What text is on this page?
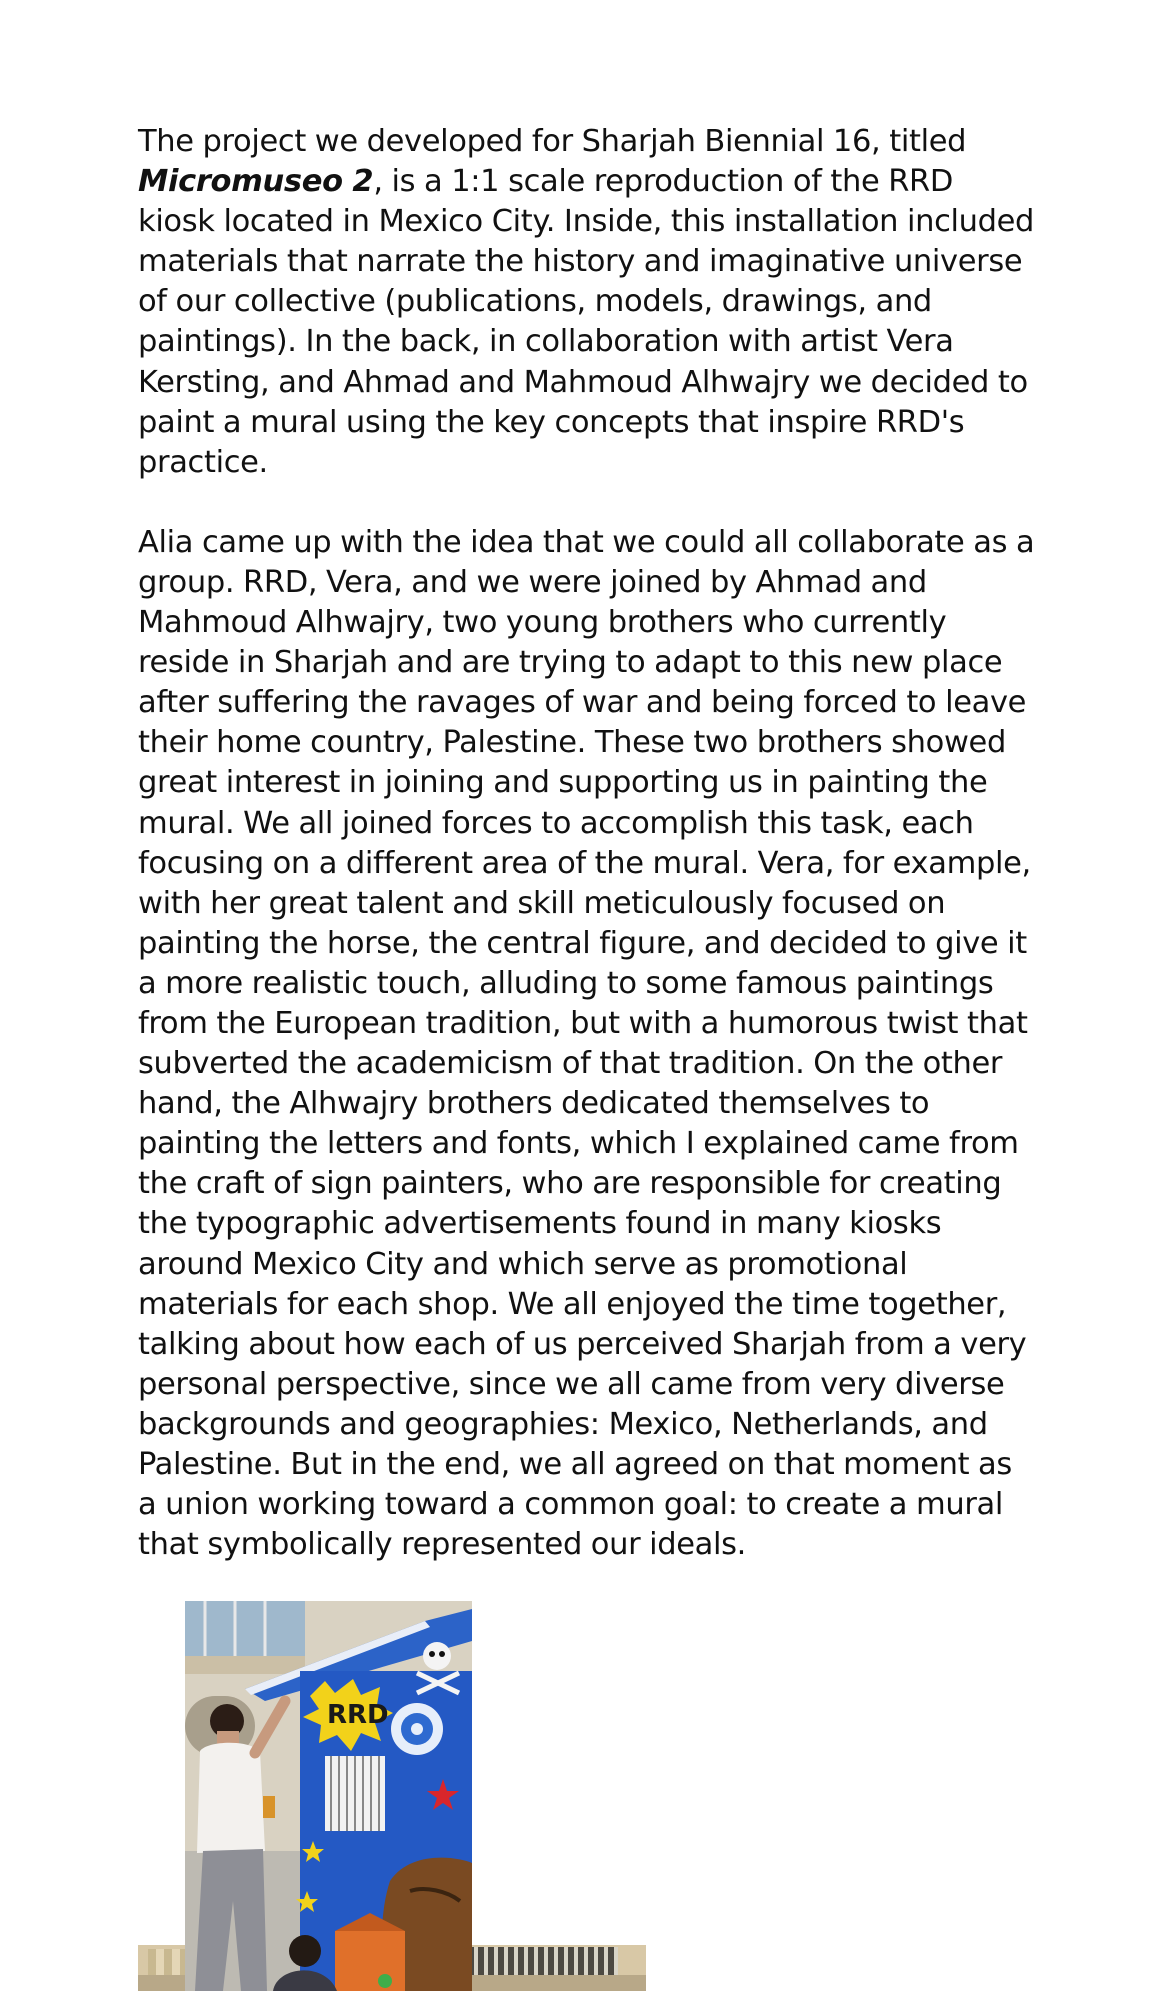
The project we developed for Sharjah Biennial 16, titled Micromuseo 2, is a 1:1 scale reproduction of the RRD kiosk located in Mexico City. Inside, this installation included materials that narrate the history and imaginative universe of our collective (publications, models, drawings, and paintings). In the back, in collaboration with artist Vera Kersting, and Ahmad and Mahmoud Alhwajry we decided to paint a mural using the key concepts that inspire RRD's practice.

Alia came up with the idea that we could all collaborate as a group. RRD, Vera, and we were joined by Ahmad and Mahmoud Alhwajry, two young brothers who currently reside in Sharjah and are trying to adapt to this new place after suffering the ravages of war and being forced to leave their home country, Palestine. These two brothers showed great interest in joining and supporting us in painting the mural. We all joined forces to accomplish this task, each focusing on a different area of the mural. Vera, for example, with her great talent and skill meticulously focused on painting the horse, the central figure, and decided to give it a more realistic touch, alluding to some famous paintings from the European tradition, but with a humorous twist that subverted the academicism of that tradition. On the other hand, the Alhwajry brothers dedicated themselves to painting the letters and fonts, which I explained came from the craft of sign painters, who are responsible for creating the typographic advertisements found in many kiosks around Mexico City and which serve as promotional materials for each shop. We all enjoyed the time together, talking about how each of us perceived Sharjah from a very personal perspective, since we all came from very diverse backgrounds and geographies: Mexico, Netherlands, and Palestine. But in the end, we all agreed on that moment as a union working toward a common goal: to create a mural that symbolically represented our ideals.

RRD
